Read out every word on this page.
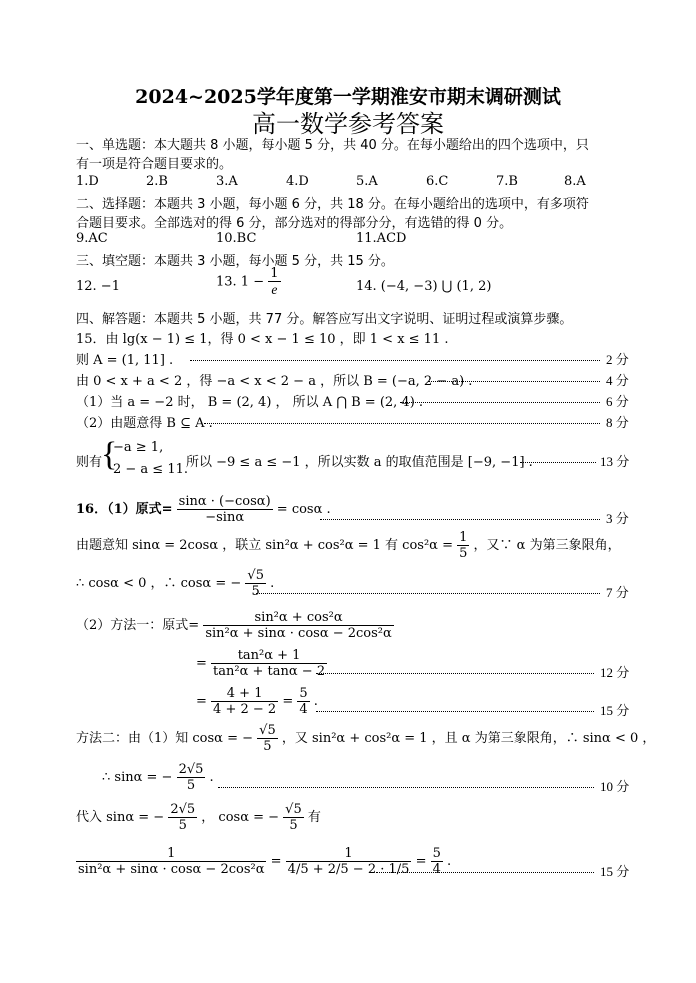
2024~2025学年度第一学期淮安市期末调研测试
高一数学参考答案
一、单选题：本大题共 8 小题，每小题 5 分，共 40 分。在每小题给出的四个选项中，只
有一项是符合题目要求的。
1.D	2.B	3.A	4.D	5.A	6.C	7.B	8.A
二、选择题：本题共 3 小题，每小题 6 分，共 18 分。在每小题给出的选项中，有多项符
合题目要求。全部选对的得 6 分，部分选对的得部分分，有选错的得 0 分。
9.AC	10.BC	11.ACD
三、填空题：本题共 3 小题，每小题 5 分，共 15 分。
12. −1	13. $1 - \frac{1}{e}$	14. (−4, −3) ⋃ (1, 2)
四、解答题：本题共 5 小题，共 77 分。解答应写出文字说明、证明过程或演算步骤。
15．由 lg(x − 1) ≤ 1，得 0 < x − 1 ≤ 10 ，即 1 < x ≤ 11 .
则 A = (1, 11] .	2 分
由 0 < x + a < 2 ，得 −a < x < 2 − a ，所以 B = (−a, 2 − a) .	4 分
（1）当 a = −2 时， B = (2, 4) ， 所以 A ⋂ B = (2, 4) .	6 分
（2）由题意得 B ⊆ A .	8 分
则有
{
−a ≥ 1,
2 − a ≤ 11.
所以 −9 ≤ a ≤ −1 ，所以实数 a 的取值范围是 [−9, −1] .	13 分
16．（1）原式= $\frac{\sin\alpha \cdot (-\cos\alpha)}{-\sin\alpha} = \cos\alpha$ .
3 分
由题意知 sinα = 2cosα ，联立 sin²α + cos²α = 1 有 $\cos^2\alpha = \frac{1}{5}$ ，又∵ α 为第三象限角，
∴ cosα < 0 ，∴ cosα = − $\frac{√5}{5}$ .
7 分
（2）方法一：原式= $\frac{\text{sin²α + cos²α}}{\text{sin²α + sinα · cosα − 2cos²α}}$
= $\frac{\text{tan²α + 1}}{\text{tan²α + tanα − 2}}$	12 分
= $\frac{4 + 1}{4 + 2 - 2} = \frac{5}{4}$ .
15 分
方法二：由（1）知 cosα = − $\frac{√5}{5}$ ，又 sin²α + cos²α = 1 ，且 α 为第三象限角，∴ sinα < 0 ，
∴ sinα = − $\frac{2√5}{5}$ .
10 分
代入 sinα = − $\frac{2√5}{5}$ ， cosα = − $\frac{√5}{5}$ 有
$\frac{1}{\text{sin²α + sinα · cosα − 2cos²α}} = \frac{1}{4/5 + 2/5 - 2 \cdot 1/5} = \frac{5}{4}$ .
15 分
